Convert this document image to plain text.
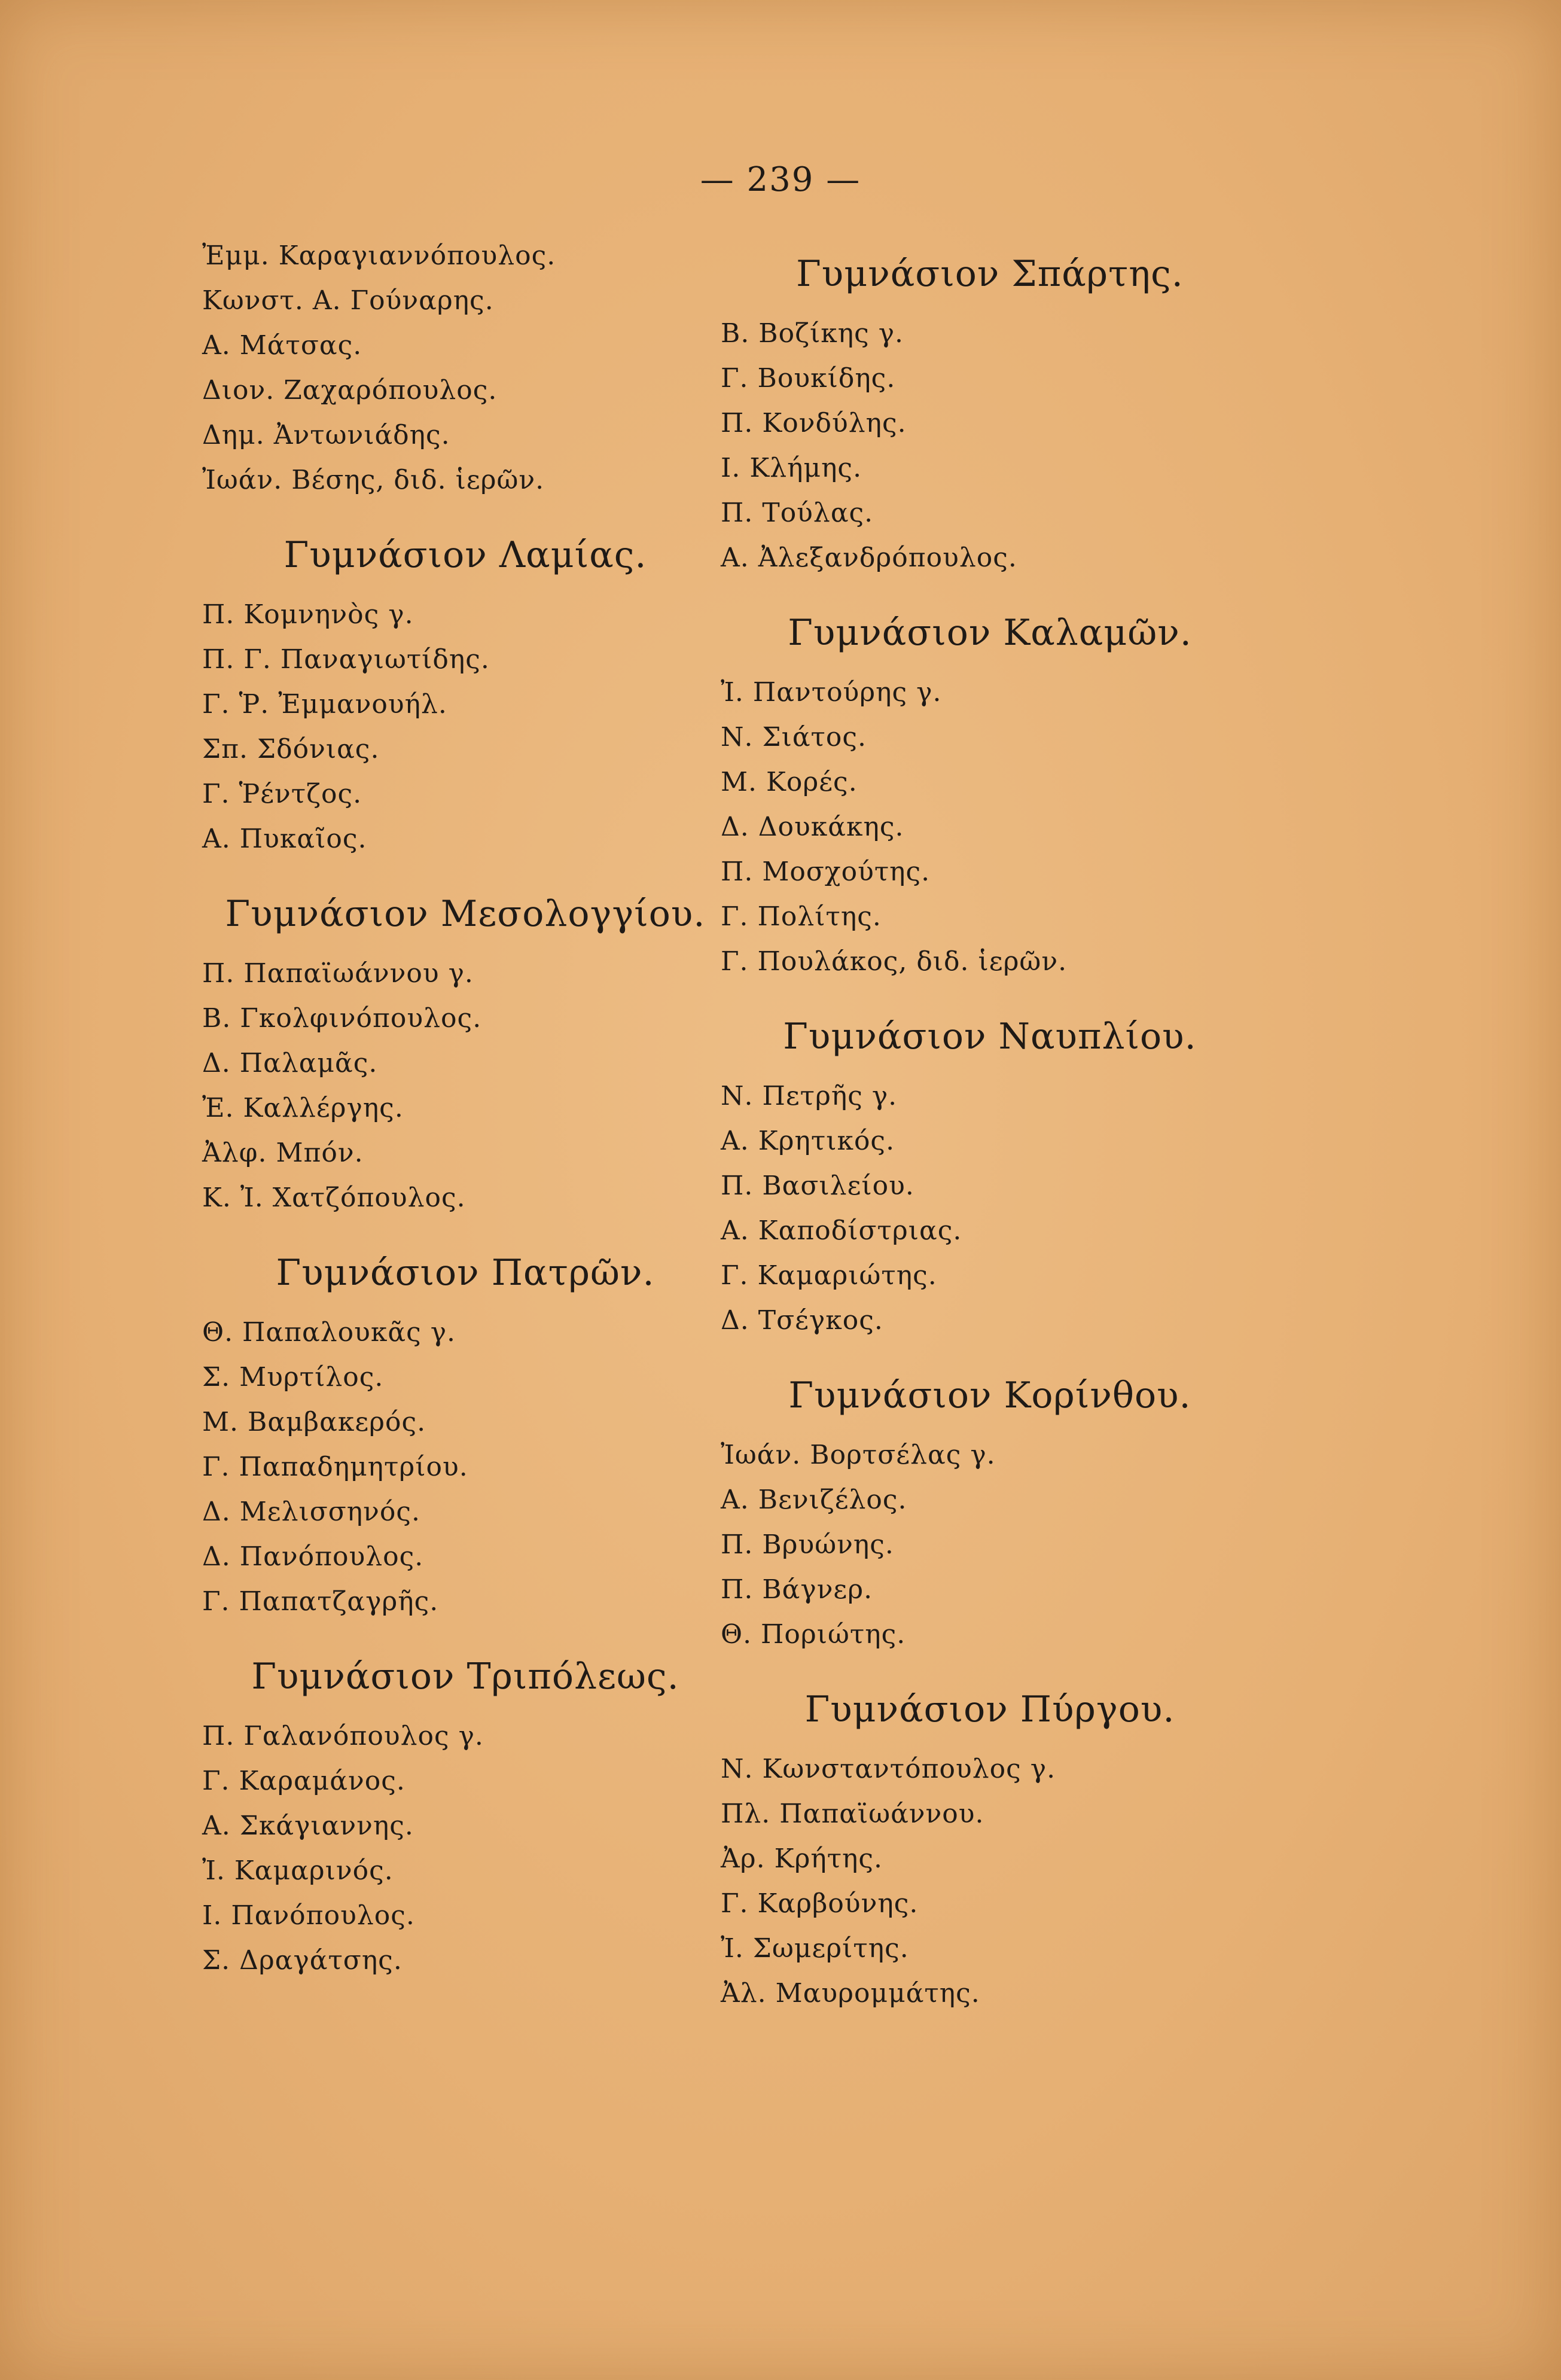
— 239 —
Ἐμμ. Καραγιαννόπουλος.
Κωνστ. Α. Γούναρης.
Α. Μάτσας.
Διον. Ζαχαρόπουλος.
Δημ. Ἀντωνιάδης.
Ἰωάν. Βέσης, διδ. ἱερῶν.
Γυμνάσιον Λαμίας.
Π. Κομνηνὸς γ.
Π. Γ. Παναγιωτίδης.
Γ. Ῥ. Ἐμμανουήλ.
Σπ. Σδόνιας.
Γ. Ῥέντζος.
Α. Πυκαῖος.
Γυμνάσιον Μεσολογγίου.
Π. Παπαϊωάννου γ.
Β. Γκολφινόπουλος.
Δ. Παλαμᾶς.
Ἐ. Καλλέργης.
Ἀλφ. Μπόν.
Κ. Ἰ. Χατζόπουλος.
Γυμνάσιον Πατρῶν.
Θ. Παπαλουκᾶς γ.
Σ. Μυρτίλος.
Μ. Βαμβακερός.
Γ. Παπαδημητρίου.
Δ. Μελισσηνός.
Δ. Πανόπουλος.
Γ. Παπατζαγρῆς.
Γυμνάσιον Τριπόλεως.
Π. Γαλανόπουλος γ.
Γ. Καραμάνος.
Α. Σκάγιαννης.
Ἰ. Καμαρινός.
Ι. Πανόπουλος.
Σ. Δραγάτσης.
Γυμνάσιον Σπάρτης.
Β. Βοζίκης γ.
Γ. Βουκίδης.
Π. Κονδύλης.
Ι. Κλήμης.
Π. Τούλας.
Α. Ἀλεξανδρόπουλος.
Γυμνάσιον Καλαμῶν.
Ἰ. Παντούρης γ.
Ν. Σιάτος.
Μ. Κορές.
Δ. Δουκάκης.
Π. Μοσχούτης.
Γ. Πολίτης.
Γ. Πουλάκος, διδ. ἱερῶν.
Γυμνάσιον Ναυπλίου.
Ν. Πετρῆς γ.
Α. Κρητικός.
Π. Βασιλείου.
Α. Καποδίστριας.
Γ. Καμαριώτης.
Δ. Τσέγκος.
Γυμνάσιον Κορίνθου.
Ἰωάν. Βορτσέλας γ.
Α. Βενιζέλος.
Π. Βρυώνης.
Π. Βάγνερ.
Θ. Πoριώτης.
Γυμνάσιον Πύργου.
Ν. Κωνσταντόπουλος γ.
Πλ. Παπαϊωάννου.
Ἀρ. Κρήτης.
Γ. Καρβούνης.
Ἰ. Σωμερίτης.
Ἀλ. Μαυρομμάτης.
